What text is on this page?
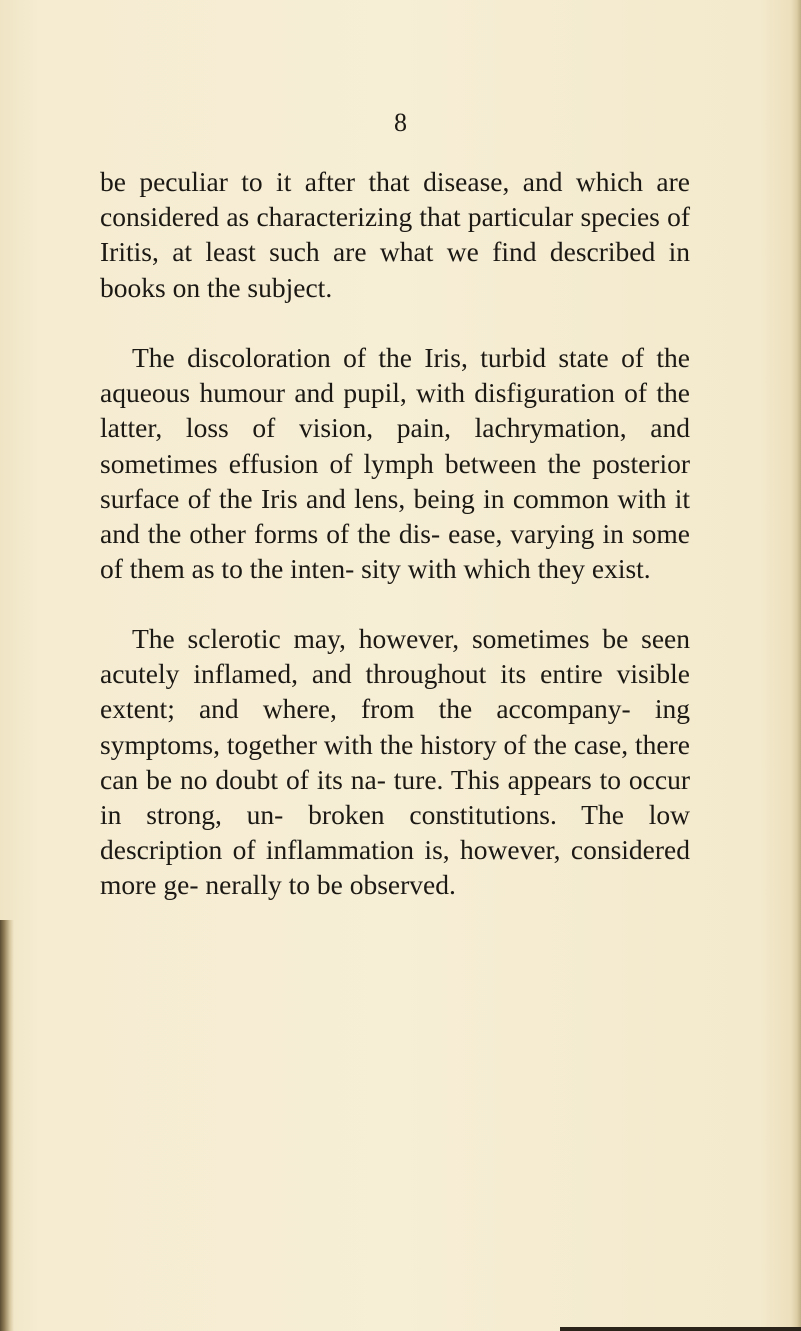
8

be peculiar to it after that disease, and which are considered as characterizing that particular species of Iritis, at least such are what we find described in books on the subject.

The discoloration of the Iris, turbid state of the aqueous humour and pupil, with disfiguration of the latter, loss of vision, pain, lachrymation, and sometimes effusion of lymph between the posterior surface of the Iris and lens, being in common with it and the other forms of the dis- ease, varying in some of them as to the inten- sity with which they exist.

The sclerotic may, however, sometimes be seen acutely inflamed, and throughout its entire visible extent; and where, from the accompany- ing symptoms, together with the history of the case, there can be no doubt of its na- ture. This appears to occur in strong, un- broken constitutions. The low description of inflammation is, however, considered more ge- nerally to be observed.
